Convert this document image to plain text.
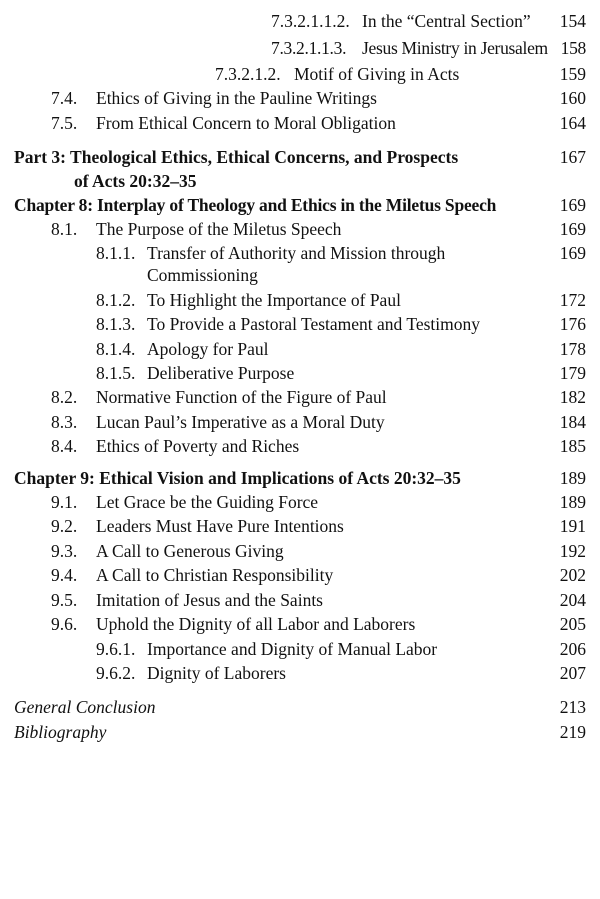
7.3.2.1.1.2. In the “Central Section” 154
7.3.2.1.1.3. Jesus Ministry in Jerusalem 158
7.3.2.1.2. Motif of Giving in Acts	159
7.4. Ethics of Giving in the Pauline Writings	160
7.5. From Ethical Concern to Moral Obligation	164
Part 3: Theological Ethics, Ethical Concerns, and Prospects	167
of Acts 20:32–35
Chapter 8: Interplay of Theology and Ethics in the Miletus Speech	169
8.1. The Purpose of the Miletus Speech	169
8.1.1. Transfer of Authority and Mission through	169
Commissioning
8.1.2. To Highlight the Importance of Paul	172
8.1.3. To Provide a Pastoral Testament and Testimony	176
8.1.4. Apology for Paul	178
8.1.5. Deliberative Purpose	179
8.2. Normative Function of the Figure of Paul	182
8.3. Lucan Paul’s Imperative as a Moral Duty	184
8.4. Ethics of Poverty and Riches	185
Chapter 9: Ethical Vision and Implications of Acts 20:32–35	189
9.1. Let Grace be the Guiding Force	189
9.2. Leaders Must Have Pure Intentions	191
9.3. A Call to Generous Giving	192
9.4. A Call to Christian Responsibility	202
9.5. Imitation of Jesus and the Saints	204
9.6. Uphold the Dignity of all Labor and Laborers	205
9.6.1. Importance and Dignity of Manual Labor	206
9.6.2. Dignity of Laborers	207
General Conclusion	213
Bibliography	219
